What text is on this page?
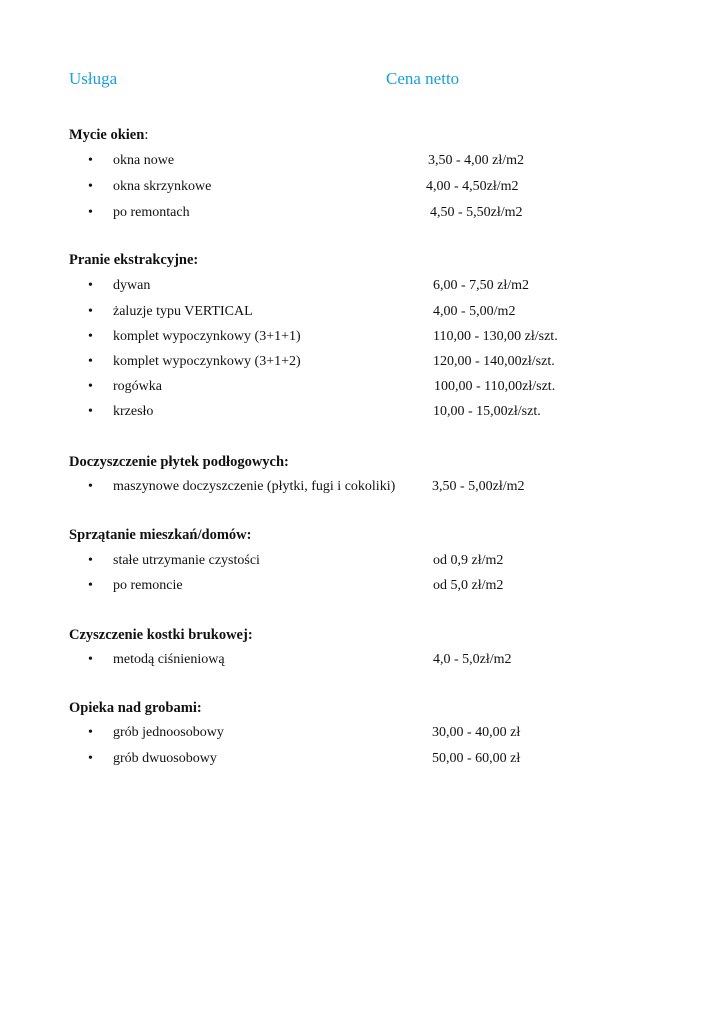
Usługa	Cena netto
Mycie okien:
• okna nowe	3,50 - 4,00 zł/m2
• okna skrzynkowe	4,00 - 4,50zł/m2
• po remontach	4,50 - 5,50zł/m2
Pranie ekstrakcyjne:
• dywan	6,00 - 7,50 zł/m2
• żaluzje typu VERTICAL	4,00 - 5,00/m2
• komplet wypoczynkowy (3+1+1)	110,00 - 130,00 zł/szt.
• komplet wypoczynkowy (3+1+2)	120,00 - 140,00zł/szt.
• rogówka	100,00 - 110,00zł/szt.
• krzesło	10,00 - 15,00zł/szt.
Doczyszczenie płytek podłogowych:
• maszynowe doczyszczenie (płytki, fugi i cokoliki)	3,50 - 5,00zł/m2
Sprzątanie mieszkań/domów:
• stałe utrzymanie czystości	od 0,9 zł/m2
• po remoncie	od 5,0 zł/m2
Czyszczenie kostki brukowej:
• metodą ciśnieniową	4,0 - 5,0zł/m2
Opieka nad grobami:
• grób jednoosobowy	30,00 - 40,00 zł
• grób dwuosobowy	50,00 - 60,00 zł
